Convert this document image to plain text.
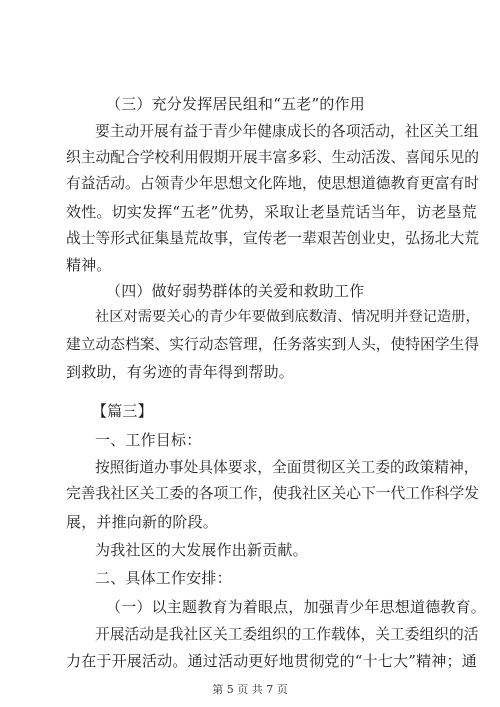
（三）充分发挥居民组和“五老”的作用
要主动开展有益于青少年健康成长的各项活动，社区关工组
织主动配合学校利用假期开展丰富多彩、生动活泼、喜闻乐见的
有益活动。占领青少年思想文化阵地，使思想道德教育更富有时
效性。切实发挥“五老”优势，采取让老垦荒话当年，访老垦荒
战士等形式征集垦荒故事，宣传老一辈艰苦创业史，弘扬北大荒
精神。
（四）做好弱势群体的关爱和救助工作
社区对需要关心的青少年要做到底数清、情况明并登记造册，
建立动态档案、实行动态管理，任务落实到人头，使特困学生得
到救助，有劣迹的青年得到帮助。
【篇三】
一、工作目标：
按照街道办事处具体要求，全面贯彻区关工委的政策精神，
完善我社区关工委的各项工作，使我社区关心下一代工作科学发
展，并推向新的阶段。
为我社区的大发展作出新贡献。
二、具体工作安排：
（一）以主题教育为着眼点，加强青少年思想道德教育。
开展活动是我社区关工委组织的工作载体，关工委组织的活
力在于开展活动。通过活动更好地贯彻党的“十七大”精神；通
第 5 页 共 7 页
